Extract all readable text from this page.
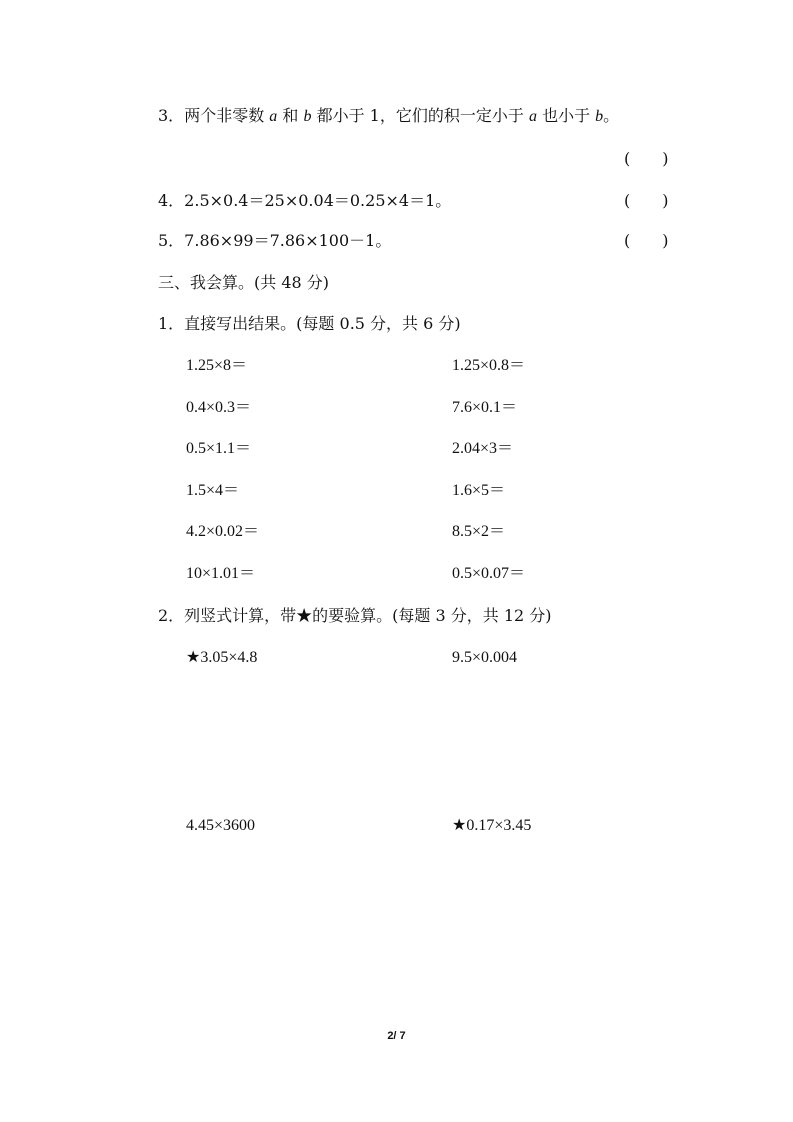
3．两个非零数 a 和 b 都小于 1，它们的积一定小于 a 也小于 b。
(　　)
4．2.5×0.4＝25×0.04＝0.25×4＝1。	(　　)
5．7.86×99＝7.86×100－1。	(　　)
三、我会算。(共 48 分)
1．直接写出结果。(每题 0.5 分，共 6 分)
1.25×8＝	1.25×0.8＝
0.4×0.3＝	7.6×0.1＝
0.5×1.1＝	2.04×3＝
1.5×4＝	1.6×5＝
4.2×0.02＝	8.5×2＝
10×1.01＝	0.5×0.07＝
2．列竖式计算，带★的要验算。(每题 3 分，共 12 分)
★3.05×4.8	9.5×0.004
4.45×3600	★0.17×3.45
2/ 7
